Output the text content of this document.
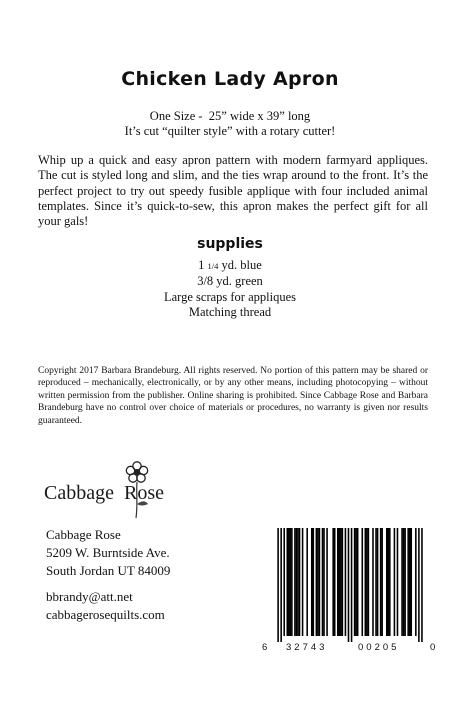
Chicken Lady Apron
One Size -  25” wide x 39” long
It’s cut “quilter style” with a rotary cutter!
Whip up a quick and easy apron pattern with modern farmyard appliques. The cut is styled long and slim, and the ties wrap around to the front. It’s the perfect project to try out speedy fusible applique with four included animal templates. Since it’s quick-to-sew, this apron makes the perfect gift for all your gals!
supplies
1 1/4 yd. blue
3/8 yd. green
Large scraps for appliques
Matching thread
Copyright 2017 Barbara Brandeburg. All rights reserved. No portion of this pattern may be shared or reproduced – mechanically, electronically, or by any other means, including photocopying – without written permission from the publisher. Online sharing is prohibited. Since Cabbage Rose and Barbara Brandeburg have no control over choice of materials or procedures, no warranty is given nor results guaranteed.
Cabbage Rose
Cabbage Rose
5209 W. Burntside Ave.
South Jordan UT 84009
bbrandy@att.net
cabbagerosequilts.com
6 32743	00205	0
